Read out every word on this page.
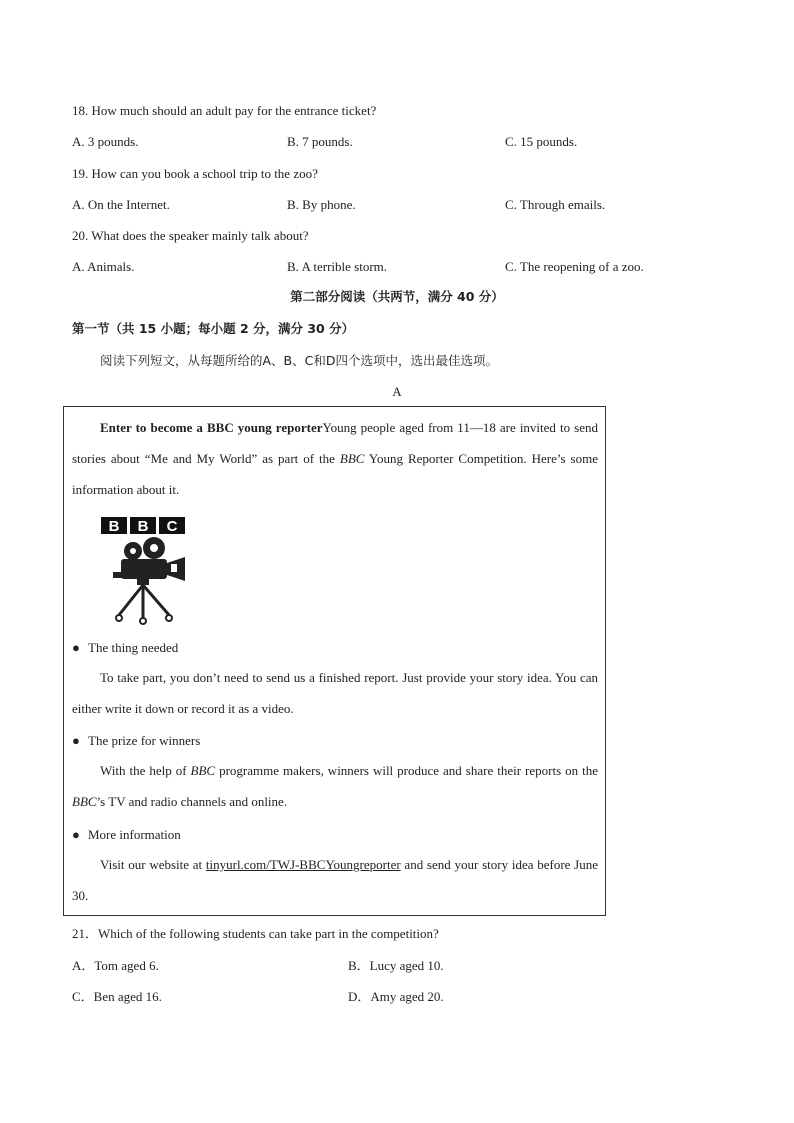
18. How much should an adult pay for the entrance ticket?
A. 3 pounds.	B. 7 pounds.	C. 15 pounds.
19. How can you book a school trip to the zoo?
A. On the Internet.	B. By phone.	C. Through emails.
20. What does the speaker mainly talk about?
A. Animals.	B. A terrible storm.	C. The reopening of a zoo.
第二部分阅读（共两节，满分 40 分）
第一节（共 15 小题；每小题 2 分，满分 30 分）
阅读下列短文，从每题所给的A、B、C和D四个选项中，选出最佳选项。
A
Enter to become a BBC young reporterYoung people aged from 11—18 are invited to send stories about “Me and My World” as part of the BBC Young Reporter Competition. Here’s some information about it.
B B C
● The thing needed
To take part, you don’t need to send us a finished report. Just provide your story idea. You can either write it down or record it as a video.
● The prize for winners
With the help of BBC programme makers, winners will produce and share their reports on the BBC’s TV and radio channels and online.
● More information
Visit our website at tinyurl.com/TWJ-BBCYoungreporter and send your story idea before June 30.
21．Which of the following students can take part in the competition?
A．Tom aged 6.	B．Lucy aged 10.
C．Ben aged 16.	D．Amy aged 20.
